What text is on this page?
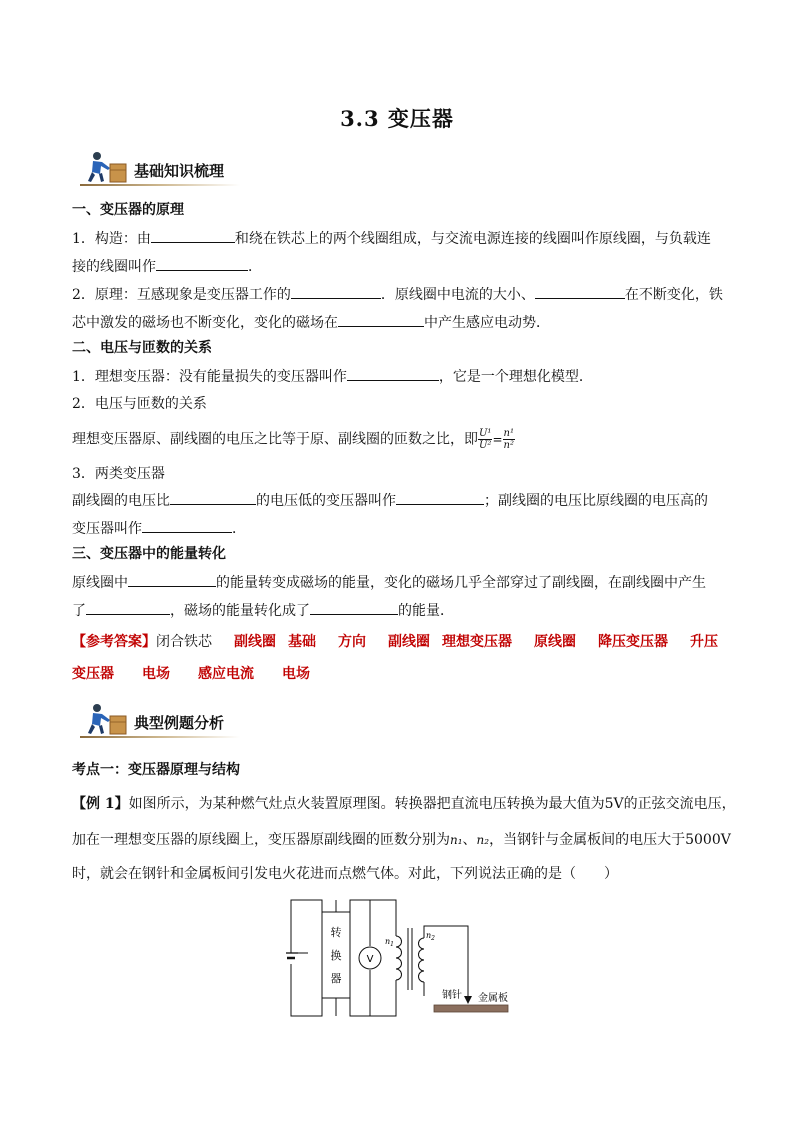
3.3 变压器
基础知识梳理
一、变压器的原理
1．构造：由	和绕在铁芯上的两个线圈组成，与交流电源连接的线圈叫作原线圈，与负载连
接的线圈叫作	．
2．原理：互感现象是变压器工作的	．原线圈中电流的大小、	在不断变化，铁
芯中激发的磁场也不断变化，变化的磁场在	中产生感应电动势．
二、电压与匝数的关系
1．理想变压器：没有能量损失的变压器叫作	，它是一个理想化模型．
2．电压与匝数的关系
理想变压器原、副线圈的电压之比等于原、副线圈的匝数之比，即 $\frac{\text{U¹}}{\text{U²}} = \frac{\text{n¹}}{\text{n²}}$
3．两类变压器
副线圈的电压比	的电压低的变压器叫作	；副线圈的电压比原线圈的电压高的
变压器叫作	．
三、变压器中的能量转化
原线圈中	的能量转变成磁场的能量，变化的磁场几乎全部穿过了副线圈，在副线圈中产生
了	，磁场的能量转化成了	的能量．
【参考答案】闭合铁芯 副线圈 基础 方向 副线圈 理想变压器 原线圈 降压变压器 升压
变压器 电场 感应电流 电场
典型例题分析
考点一：变压器原理与结构
【例 1】如图所示，为某种燃气灶点火装置原理图。转换器把直流电压转换为最大值为5V的正弦交流电压，
加在一理想变压器的原线圈上，变压器原副线圈的匝数分别为n₁、n₂，当钢针与金属板间的电压大于5000V
时，就会在钢针和金属板间引发电火花进而点燃气体。对此，下列说法正确的是（　　）
转
换
器
V
$n_1$
$n_2$
钢针 金属板
